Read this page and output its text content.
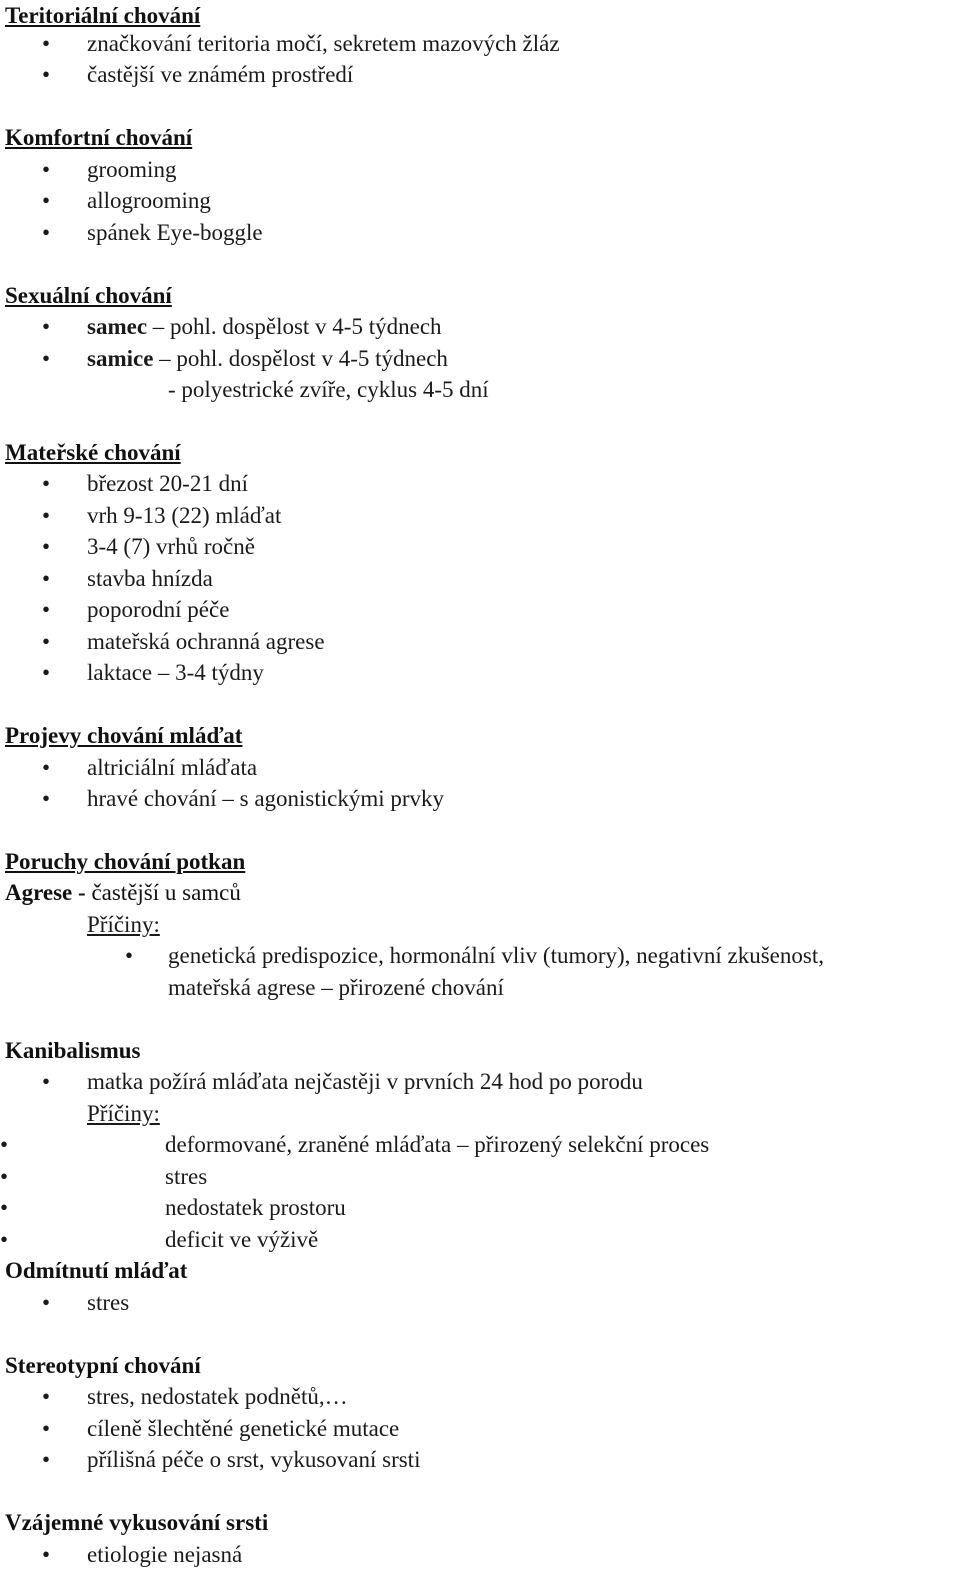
Teritoriální chování
• značkování teritoria močí, sekretem mazových žláz
• častější ve známém prostředí
Komfortní chování
• grooming
• allogrooming
• spánek Eye-boggle
Sexuální chování
• samec – pohl. dospělost v 4-5 týdnech
• samice – pohl. dospělost v 4-5 týdnech
- polyestrické zvíře, cyklus 4-5 dní
Mateřské chování
• březost 20-21 dní
• vrh 9-13 (22) mláďat
• 3-4 (7) vrhů ročně
• stavba hnízda
• poporodní péče
• mateřská ochranná agrese
• laktace – 3-4 týdny
Projevy chování mláďat
• altriciální mláďata
• hravé chování – s agonistickými prvky
Poruchy chování potkan
Agrese - častější u samců
Příčiny:
• genetická predispozice, hormonální vliv (tumory), negativní zkušenost,
mateřská agrese – přirozené chování
Kanibalismus
• matka požírá mláďata nejčastěji v prvních 24 hod po porodu
Příčiny:
•	deformované, zraněné mláďata – přirozený selekční proces
•	stres
•	nedostatek prostoru
•	deficit ve výživě
Odmítnutí mláďat
• stres
Stereotypní chování
• stres, nedostatek podnětů,…
• cíleně šlechtěné genetické mutace
• přílišná péče o srst, vykusovaní srsti
Vzájemné vykusování srsti
• etiologie nejasná
